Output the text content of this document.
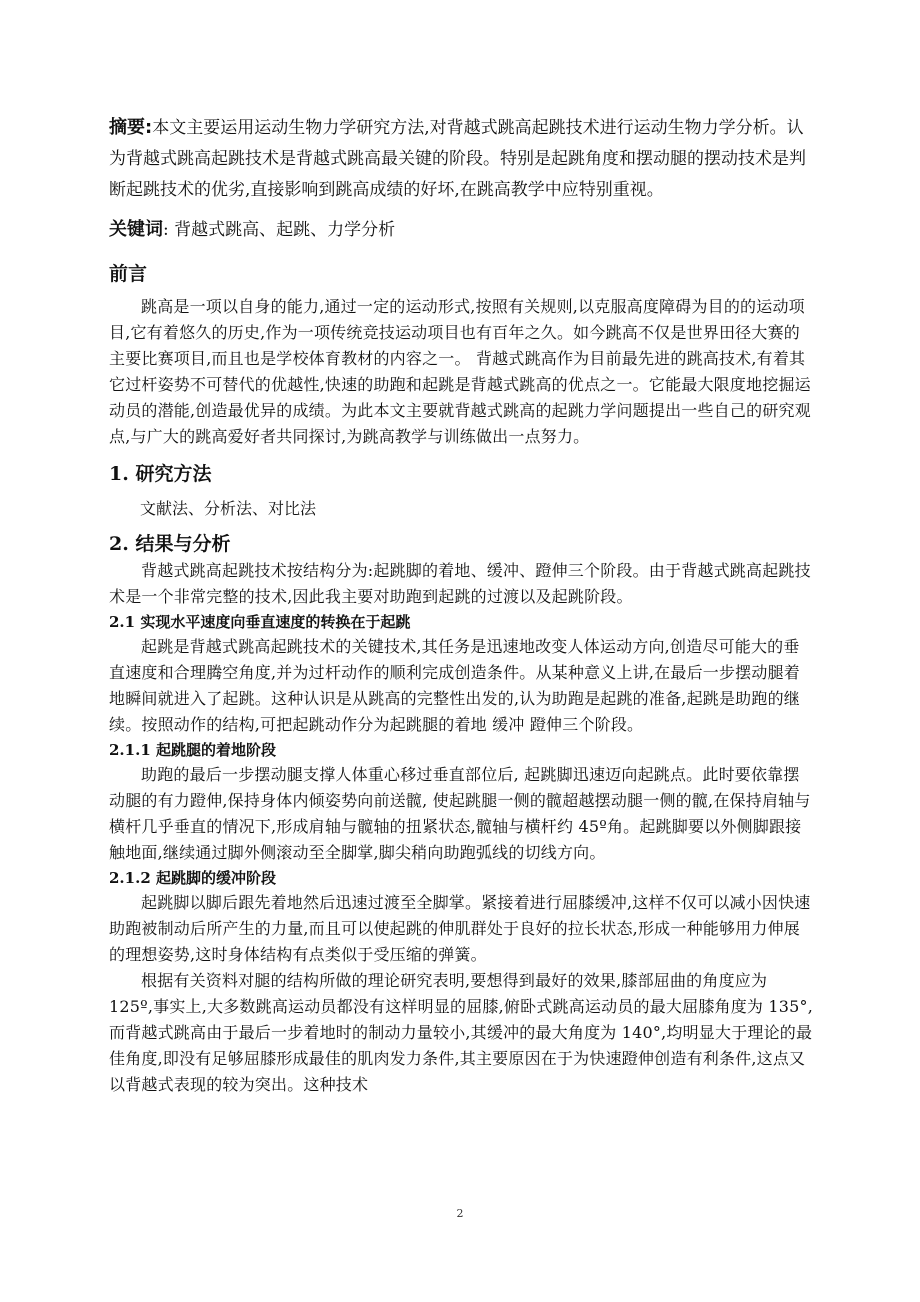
摘要:本文主要运用运动生物力学研究方法,对背越式跳高起跳技术进行运动生物力学分析。认为背越式跳高起跳技术是背越式跳高最关键的阶段。特别是起跳角度和摆动腿的摆动技术是判断起跳技术的优劣,直接影响到跳高成绩的好坏,在跳高教学中应特别重视。

关键词: 背越式跳高、起跳、力学分析

前言

跳高是一项以自身的能力,通过一定的运动形式,按照有关规则,以克服高度障碍为目的的运动项目,它有着悠久的历史,作为一项传统竞技运动项目也有百年之久。如今跳高不仅是世界田径大赛的主要比赛项目,而且也是学校体育教材的内容之一。 背越式跳高作为目前最先进的跳高技术,有着其它过杆姿势不可替代的优越性,快速的助跑和起跳是背越式跳高的优点之一。它能最大限度地挖掘运动员的潜能,创造最优异的成绩。为此本文主要就背越式跳高的起跳力学问题提出一些自己的研究观点,与广大的跳高爱好者共同探讨,为跳高教学与训练做出一点努力。

1. 研究方法

文献法、分析法、对比法

2. 结果与分析

背越式跳高起跳技术按结构分为:起跳脚的着地、缓冲、蹬伸三个阶段。由于背越式跳高起跳技术是一个非常完整的技术,因此我主要对助跑到起跳的过渡以及起跳阶段。

2.1 实现水平速度向垂直速度的转换在于起跳

起跳是背越式跳高起跳技术的关键技术,其任务是迅速地改变人体运动方向,创造尽可能大的垂直速度和合理腾空角度,并为过杆动作的顺利完成创造条件。从某种意义上讲,在最后一步摆动腿着地瞬间就进入了起跳。这种认识是从跳高的完整性出发的,认为助跑是起跳的准备,起跳是助跑的继续。按照动作的结构,可把起跳动作分为起跳腿的着地 缓冲 蹬伸三个阶段。

2.1.1 起跳腿的着地阶段

助跑的最后一步摆动腿支撑人体重心移过垂直部位后, 起跳脚迅速迈向起跳点。此时要依靠摆动腿的有力蹬伸,保持身体内倾姿势向前送髋, 使起跳腿一侧的髋超越摆动腿一侧的髋,在保持肩轴与横杆几乎垂直的情况下,形成肩轴与髋轴的扭紧状态,髋轴与横杆约 45º角。起跳脚要以外侧脚跟接触地面,继续通过脚外侧滚动至全脚掌,脚尖稍向助跑弧线的切线方向。

2.1.2 起跳脚的缓冲阶段

起跳脚以脚后跟先着地然后迅速过渡至全脚掌。紧接着进行屈膝缓冲,这样不仅可以减小因快速助跑被制动后所产生的力量,而且可以使起跳的伸肌群处于良好的拉长状态,形成一种能够用力伸展的理想姿势,这时身体结构有点类似于受压缩的弹簧。

根据有关资料对腿的结构所做的理论研究表明,要想得到最好的效果,膝部屈曲的角度应为 125º,事实上,大多数跳高运动员都没有这样明显的屈膝,俯卧式跳高运动员的最大屈膝角度为 135°,而背越式跳高由于最后一步着地时的制动力量较小,其缓冲的最大角度为 140°,均明显大于理论的最佳角度,即没有足够屈膝形成最佳的肌肉发力条件,其主要原因在于为快速蹬伸创造有利条件,这点又以背越式表现的较为突出。这种技术

2
